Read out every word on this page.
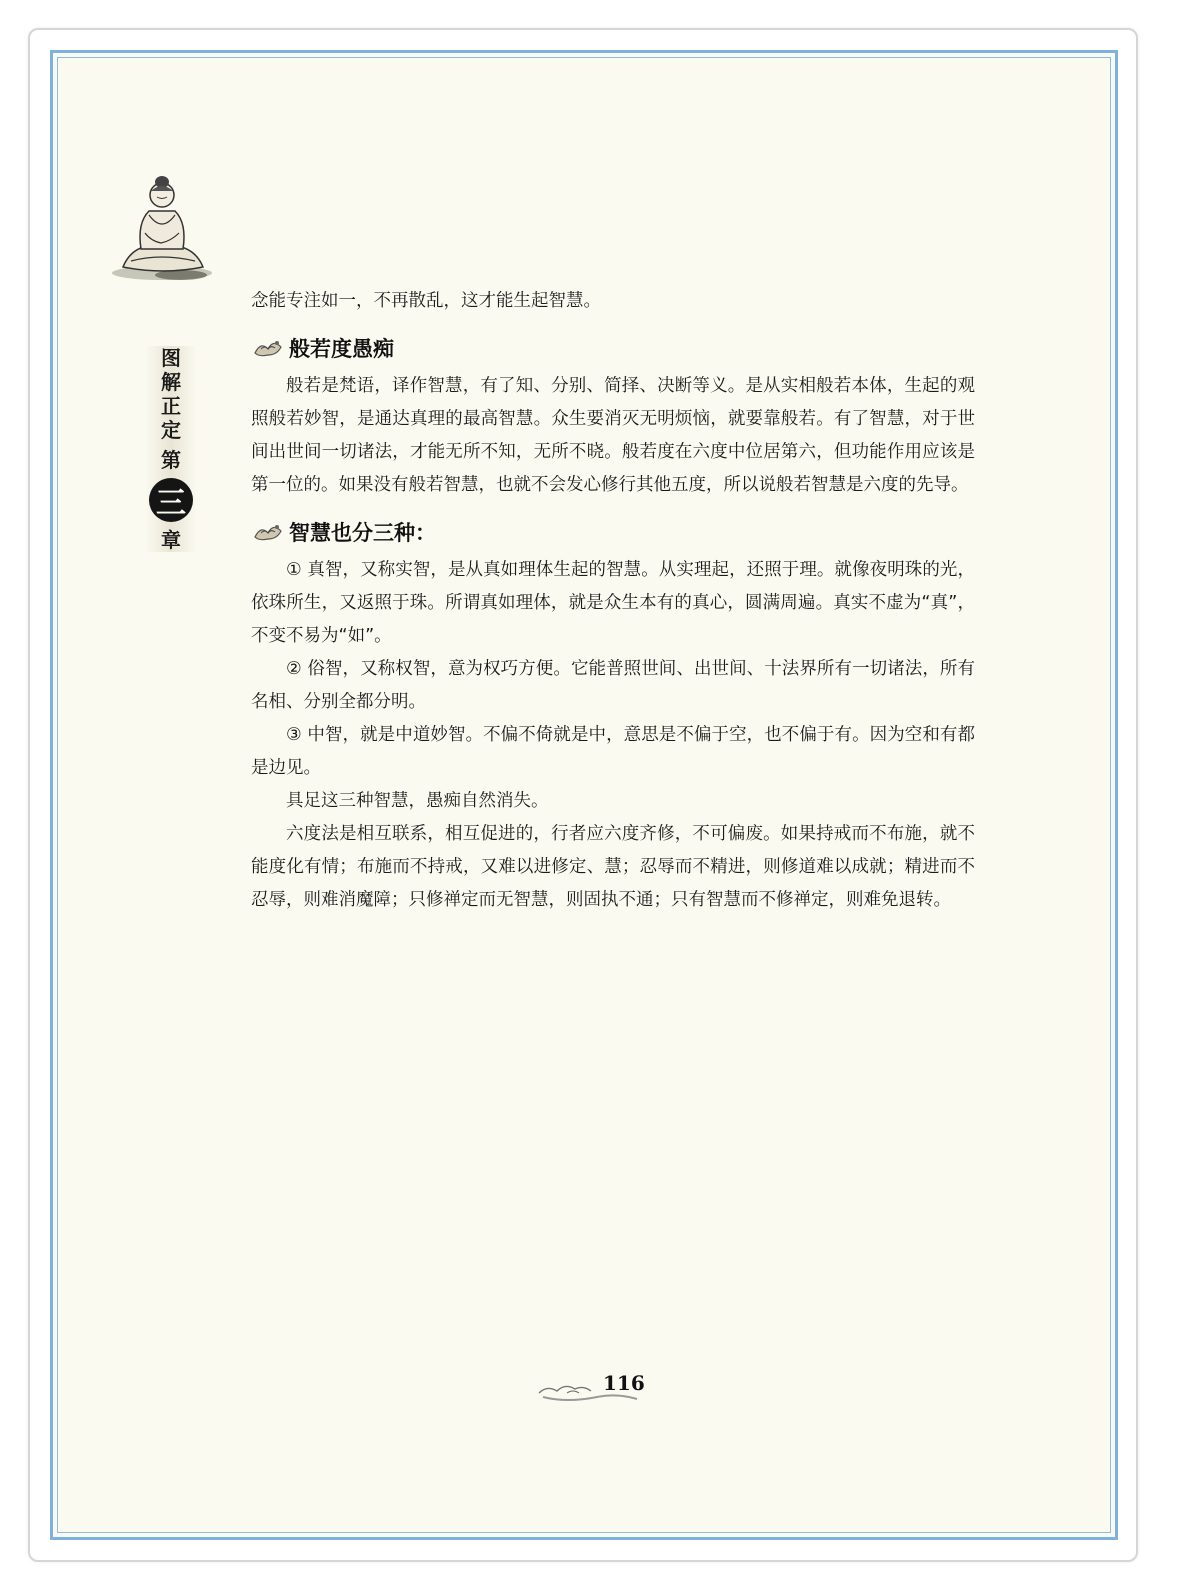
图
解
正
定
第
三
章

念能专注如一，不再散乱，这才能生起智慧。

般若度愚痴

般若是梵语，译作智慧，有了知、分别、简择、决断等义。是从实相般若本体，生起的观照般若妙智，是通达真理的最高智慧。众生要消灭无明烦恼，就要靠般若。有了智慧，对于世间出世间一切诸法，才能无所不知，无所不晓。般若度在六度中位居第六，但功能作用应该是第一位的。如果没有般若智慧，也就不会发心修行其他五度，所以说般若智慧是六度的先导。

智慧也分三种：

① 真智，又称实智，是从真如理体生起的智慧。从实理起，还照于理。就像夜明珠的光，依珠所生，又返照于珠。所谓真如理体，就是众生本有的真心，圆满周遍。真实不虚为“真”，不变不易为“如”。

② 俗智，又称权智，意为权巧方便。它能普照世间、出世间、十法界所有一切诸法，所有名相、分别全都分明。

③ 中智，就是中道妙智。不偏不倚就是中，意思是不偏于空，也不偏于有。因为空和有都是边见。

具足这三种智慧，愚痴自然消失。

六度法是相互联系，相互促进的，行者应六度齐修，不可偏废。如果持戒而不布施，就不能度化有情；布施而不持戒，又难以进修定、慧；忍辱而不精进，则修道难以成就；精进而不忍辱，则难消魔障；只修禅定而无智慧，则固执不通；只有智慧而不修禅定，则难免退转。

116
